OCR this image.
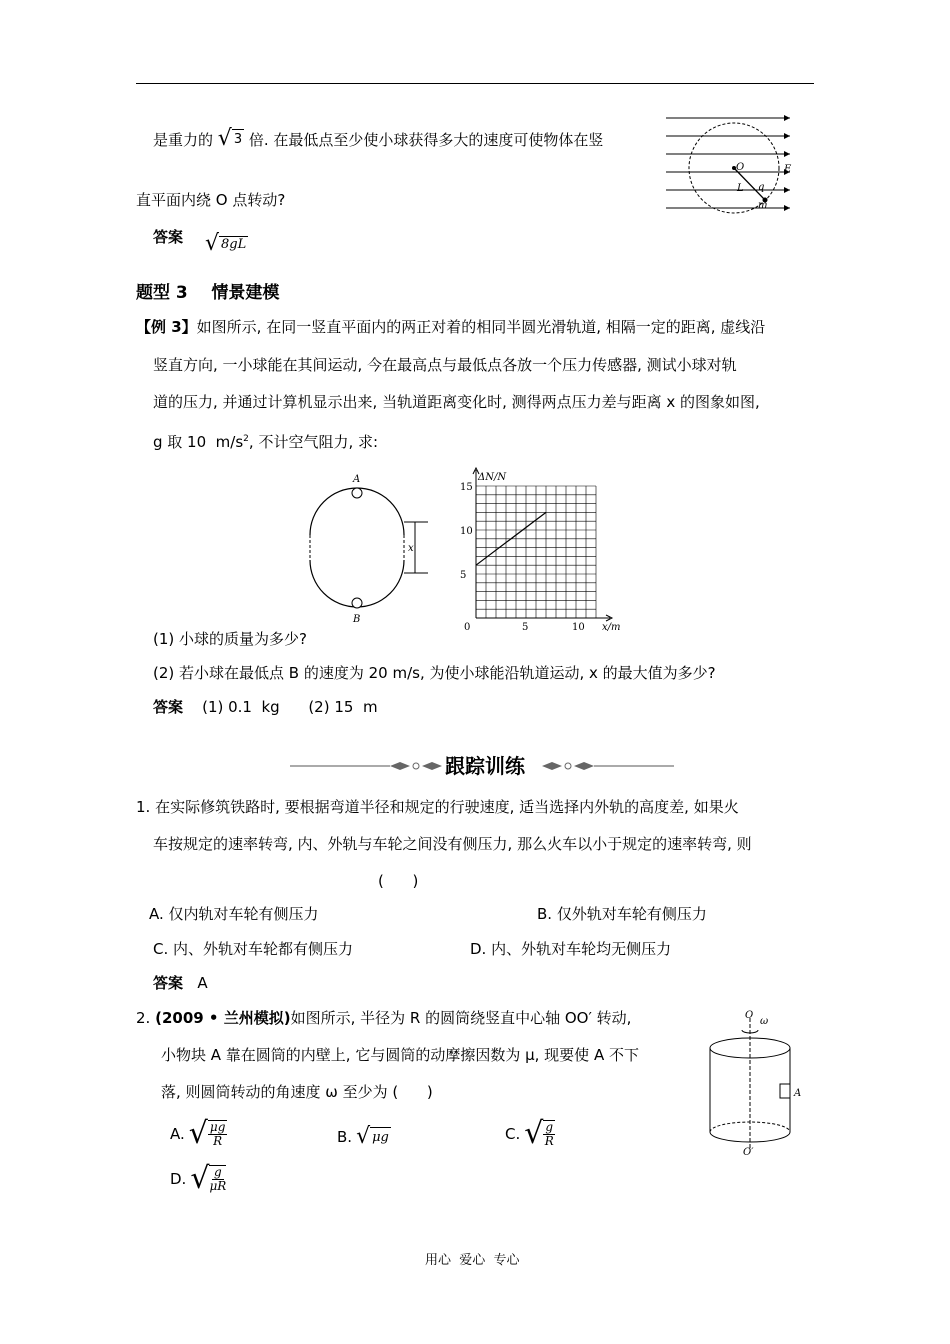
是重力的 √ 3 倍. 在最低点至少使小球获得多大的速度可使物体在竖
直平面内绕 O 点转动?
答案 √ 8gL
O
L q
m
E
题型 3    情景建模
【例 3】如图所示, 在同一竖直平面内的两正对着的相同半圆光滑轨道, 相隔一定的距离, 虚线沿
竖直方向, 一小球能在其间运动, 今在最高点与最低点各放一个压力传感器, 测试小球对轨
道的压力, 并通过计算机显示出来, 当轨道距离变化时, 测得两点压力差与距离 x 的图象如图,
g 取 10  $m/s^2$, 不计空气阻力, 求:
A
B
x
ΔN/N
x/m
0	5	10
5
10
15
(1) 小球的质量为多少?
(2) 若小球在最低点 B 的速度为 20 m/s, 为使小球能沿轨道运动, x 的最大值为多少?
答案 (1) 0.1  kg      (2) 15  m
跟踪训练
1. 在实际修筑铁路时, 要根据弯道半径和规定的行驶速度, 适当选择内外轨的高度差, 如果火
车按规定的速率转弯, 内、外轨与车轮之间没有侧压力, 那么火车以小于规定的速率转弯, 则
(      )
A. 仅内轨对车轮有侧压力	B. 仅外轨对车轮有侧压力
C. 内、外轨对车轮都有侧压力	D. 内、外轨对车轮均无侧压力
答案 A
2. (2009 • 兰州模拟)如图所示, 半径为 R 的圆筒绕竖直中心轴 OO′ 转动,
小物块 A 靠在圆筒的内壁上, 它与圆筒的动摩擦因数为 μ, 现要使 A 不下
落, 则圆筒转动的角速度 ω 至少为 (      )
A. √ $\frac{\mu g}{R}$	B. √ μg	C. √ $\frac{g}{R}$
D. √ $\frac{g}{\mu R}$
O
ω
A
O′
用心  爱心  专心
